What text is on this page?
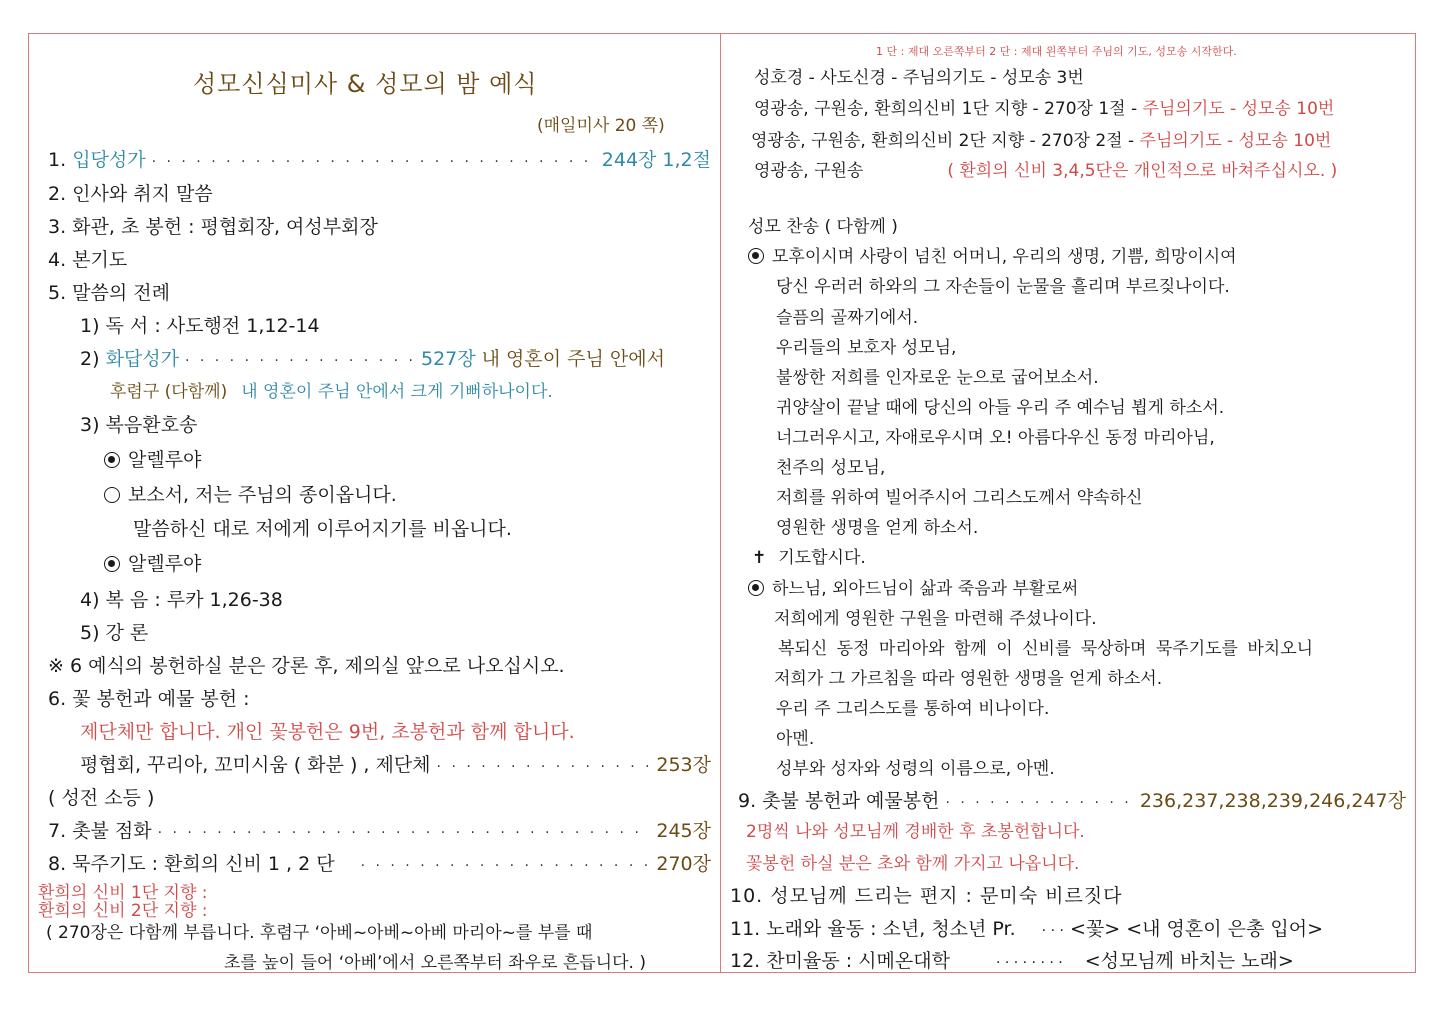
성모신심미사 & 성모의 밤 예식
(매일미사 20 쪽)
1.
입당성가 · · ·	244장 1,2절
2. 인사와 취지 말씀
3. 화관, 초 봉헌 : 평협회장, 여성부회장
4. 본기도
5. 말씀의 전례
1) 독 서 : 사도행전 1,12-14
2)
화답성가 · · ·	527장
내 영혼이 주님 안에서
후렴구 (다함께) 내 영혼이 주님 안에서 크게 기뻐하나이다.
3) 복음환호송
알렐루야
보소서, 저는 주님의 종이옵니다.
말씀하신 대로 저에게 이루어지기를 비옵니다.
알렐루야
4) 복 음 : 루카 1,26-38
5) 강 론
※ 6 예식의 봉헌하실 분은 강론 후, 제의실 앞으로 나오십시오.
6. 꽃 봉헌과 예물 봉헌 :
제단체만 합니다. 개인 꽃봉헌은 9번, 초봉헌과 함께 합니다.
평협회, 꾸리아, 꼬미시움 ( 화분 ) , 제단체 · · ·	253장
( 성전 소등 )
7. 촛불 점화 · · ·	245장
8. 묵주기도 : 환희의 신비 1 , 2 단 · · ·	270장
환희의 신비 1단 지향 :
환희의 신비 2단 지향 :
( 270장은 다함께 부릅니다. 후렴구 ‘아베~아베~아베 마리아~를 부를 때
초를 높이 들어 ‘아베’에서 오른쪽부터 좌우로 흔듭니다. )
1 단 : 제대 오른쪽부터 2 단 : 제대 왼쪽부터 주님의 기도, 성모송 시작한다.
성호경 - 사도신경 - 주님의기도 - 성모송 3번
영광송, 구원송, 환희의신비 1단 지향 - 270장 1절 - 주님의기도 - 성모송 10번
영광송, 구원송, 환희의신비 2단 지향 - 270장 2절 - 주님의기도 - 성모송 10번
영광송, 구원송	( 환희의 신비 3,4,5단은 개인적으로 바쳐주십시오. )
성모 찬송 ( 다함께 )
모후이시며 사랑이 넘친 어머니, 우리의 생명, 기쁨, 희망이시여
당신 우러러 하와의 그 자손들이 눈물을 흘리며 부르짖나이다.
슬픔의 골짜기에서.
우리들의 보호자 성모님,
불쌍한 저희를 인자로운 눈으로 굽어보소서.
귀양살이 끝날 때에 당신의 아들 우리 주 예수님 뵙게 하소서.
너그러우시고, 자애로우시며 오! 아름다우신 동정 마리아님,
천주의 성모님,
저희를 위하여 빌어주시어 그리스도께서 약속하신
영원한 생명을 얻게 하소서.
✝ 기도합시다.
하느님, 외아드님이 삶과 죽음과 부활로써
저희에게 영원한 구원을 마련해 주셨나이다.
복되신 동정 마리아와 함께 이 신비를 묵상하며 묵주기도를 바치오니
저희가 그 가르침을 따라 영원한 생명을 얻게 하소서.
우리 주 그리스도를 통하여 비나이다.
아멘.
성부와 성자와 성령의 이름으로, 아멘.
9. 촛불 봉헌과 예물봉헌 · · ·	236,237,238,239,246,247장
2명씩 나와 성모님께 경배한 후 초봉헌합니다.
꽃봉헌 하실 분은 초와 함께 가지고 나옵니다.
10. 성모님께 드리는 편지 : 문미숙 비르짓다
11. 노래와 율동 : 소년, 청소년 Pr. · · · <꽃> <내 영혼이 은총 입어>
12. 찬미율동 : 시메온대학	· · · · · · · · <성모님께 바치는 노래>
